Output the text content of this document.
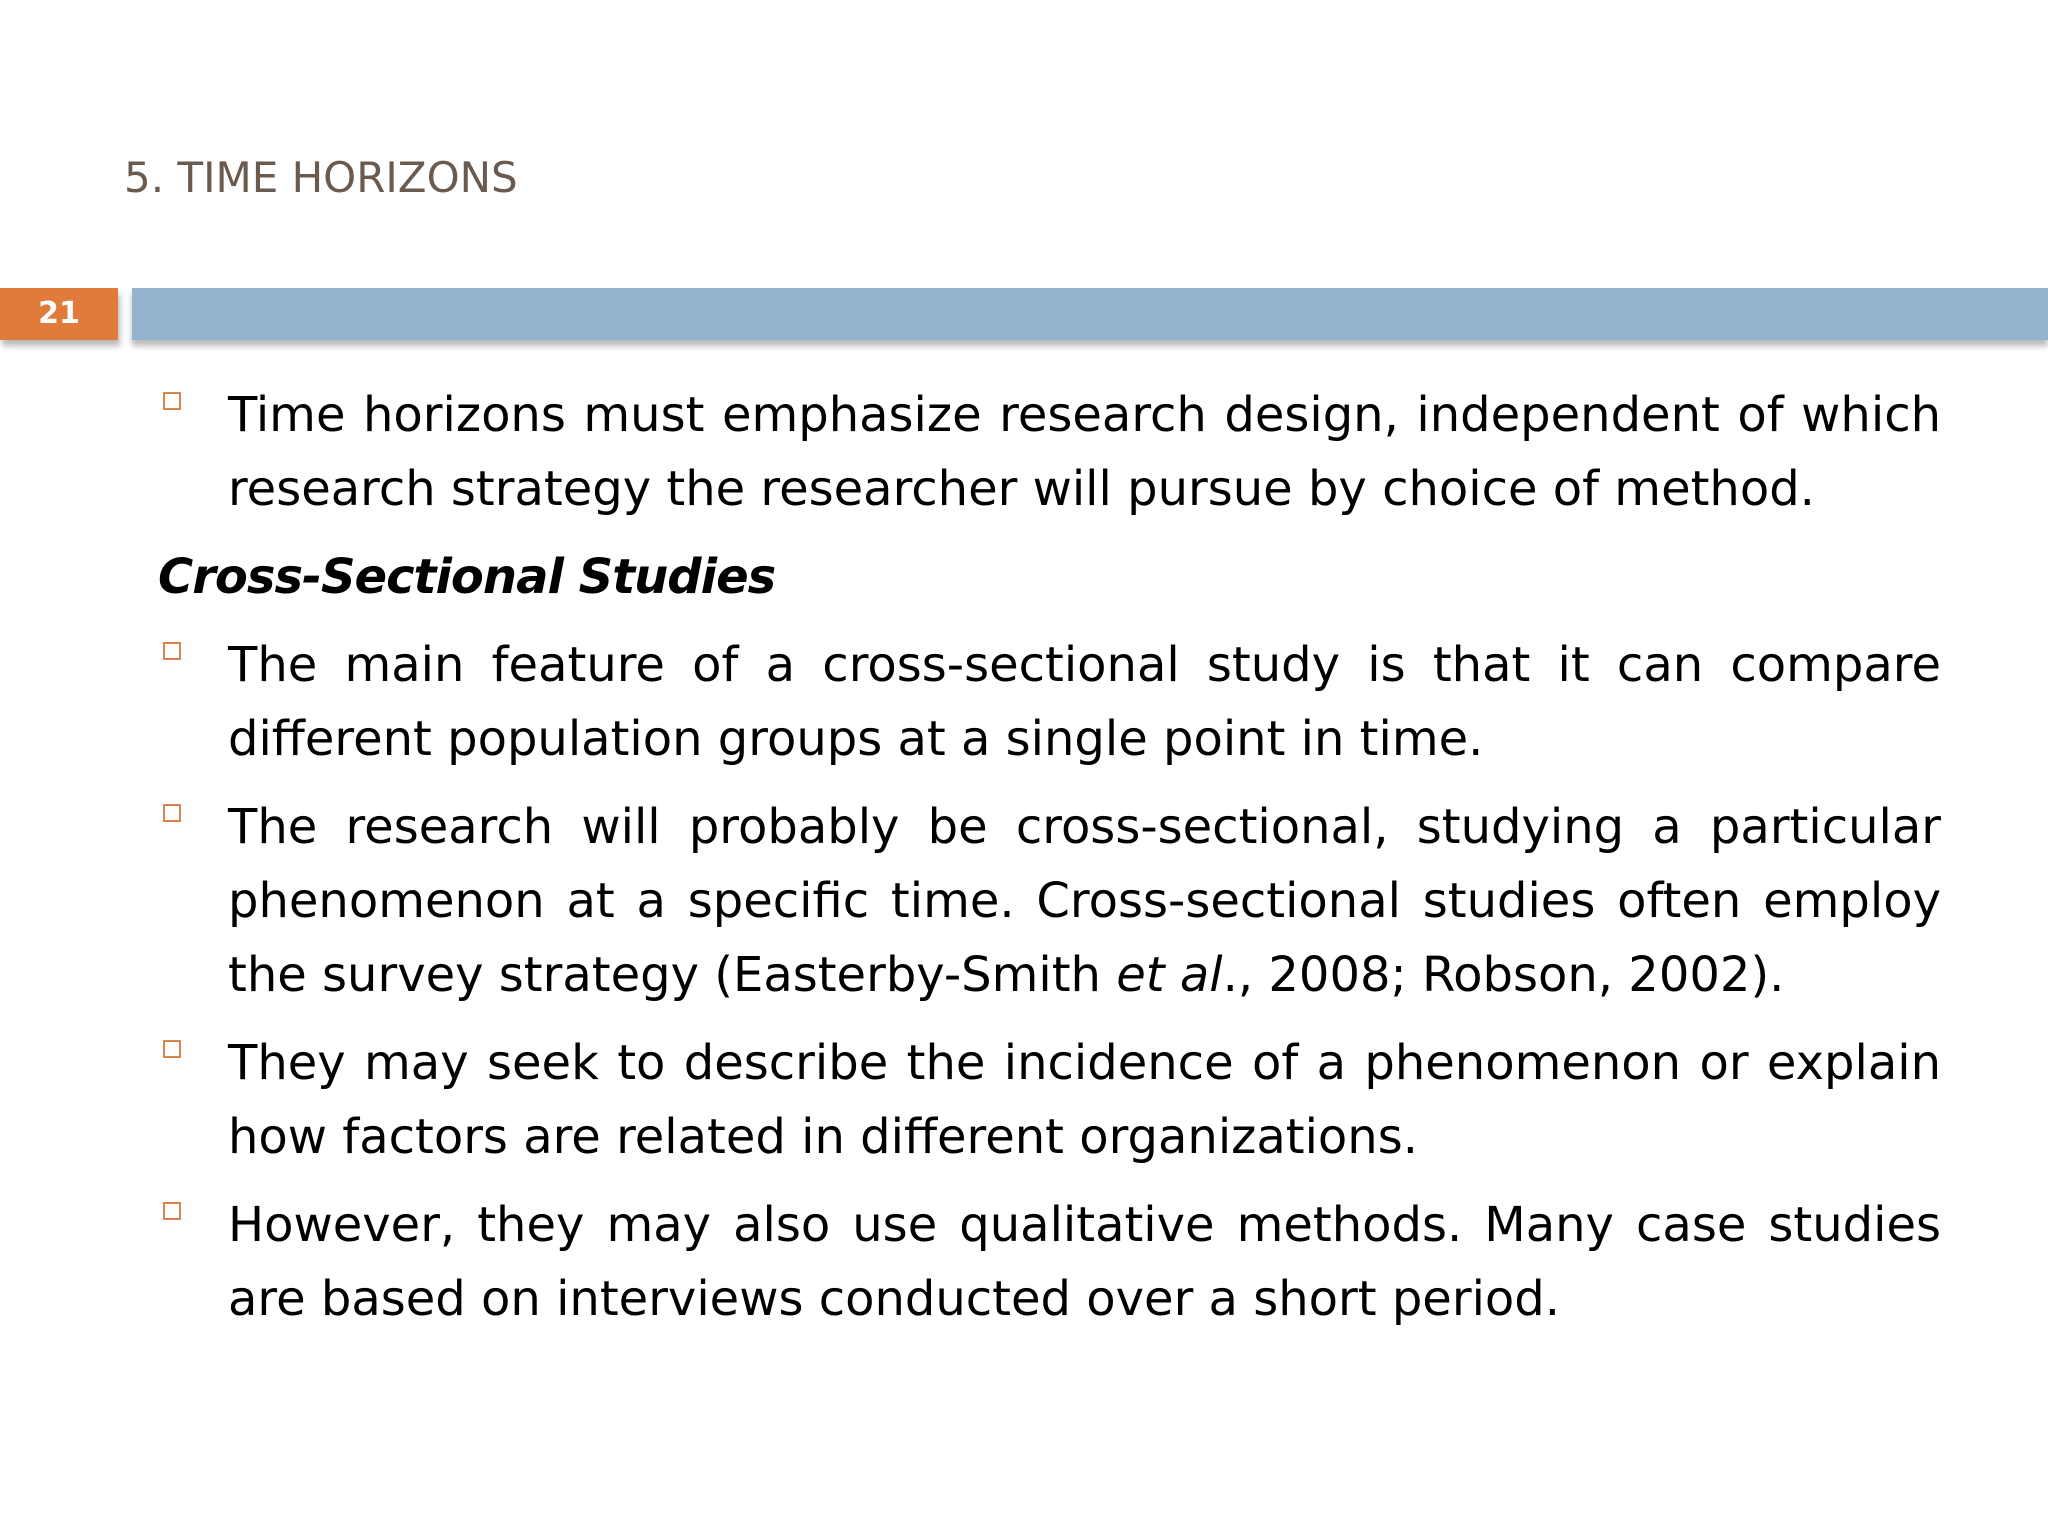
5. TIME HORIZONS
21
Time horizons must emphasize research design, independent of which research strategy the researcher will pursue by choice of method.
Cross-Sectional Studies
The main feature of a cross-sectional study is that it can compare different population groups at a single point in time.
The research will probably be cross-sectional, studying a particular phenomenon at a specific time. Cross-sectional studies often employ the survey strategy (Easterby-Smith et al., 2008; Robson, 2002).
They may seek to describe the incidence of a phenomenon or explain how factors are related in different organizations.
However, they may also use qualitative methods. Many case studies are based on interviews conducted over a short period.
